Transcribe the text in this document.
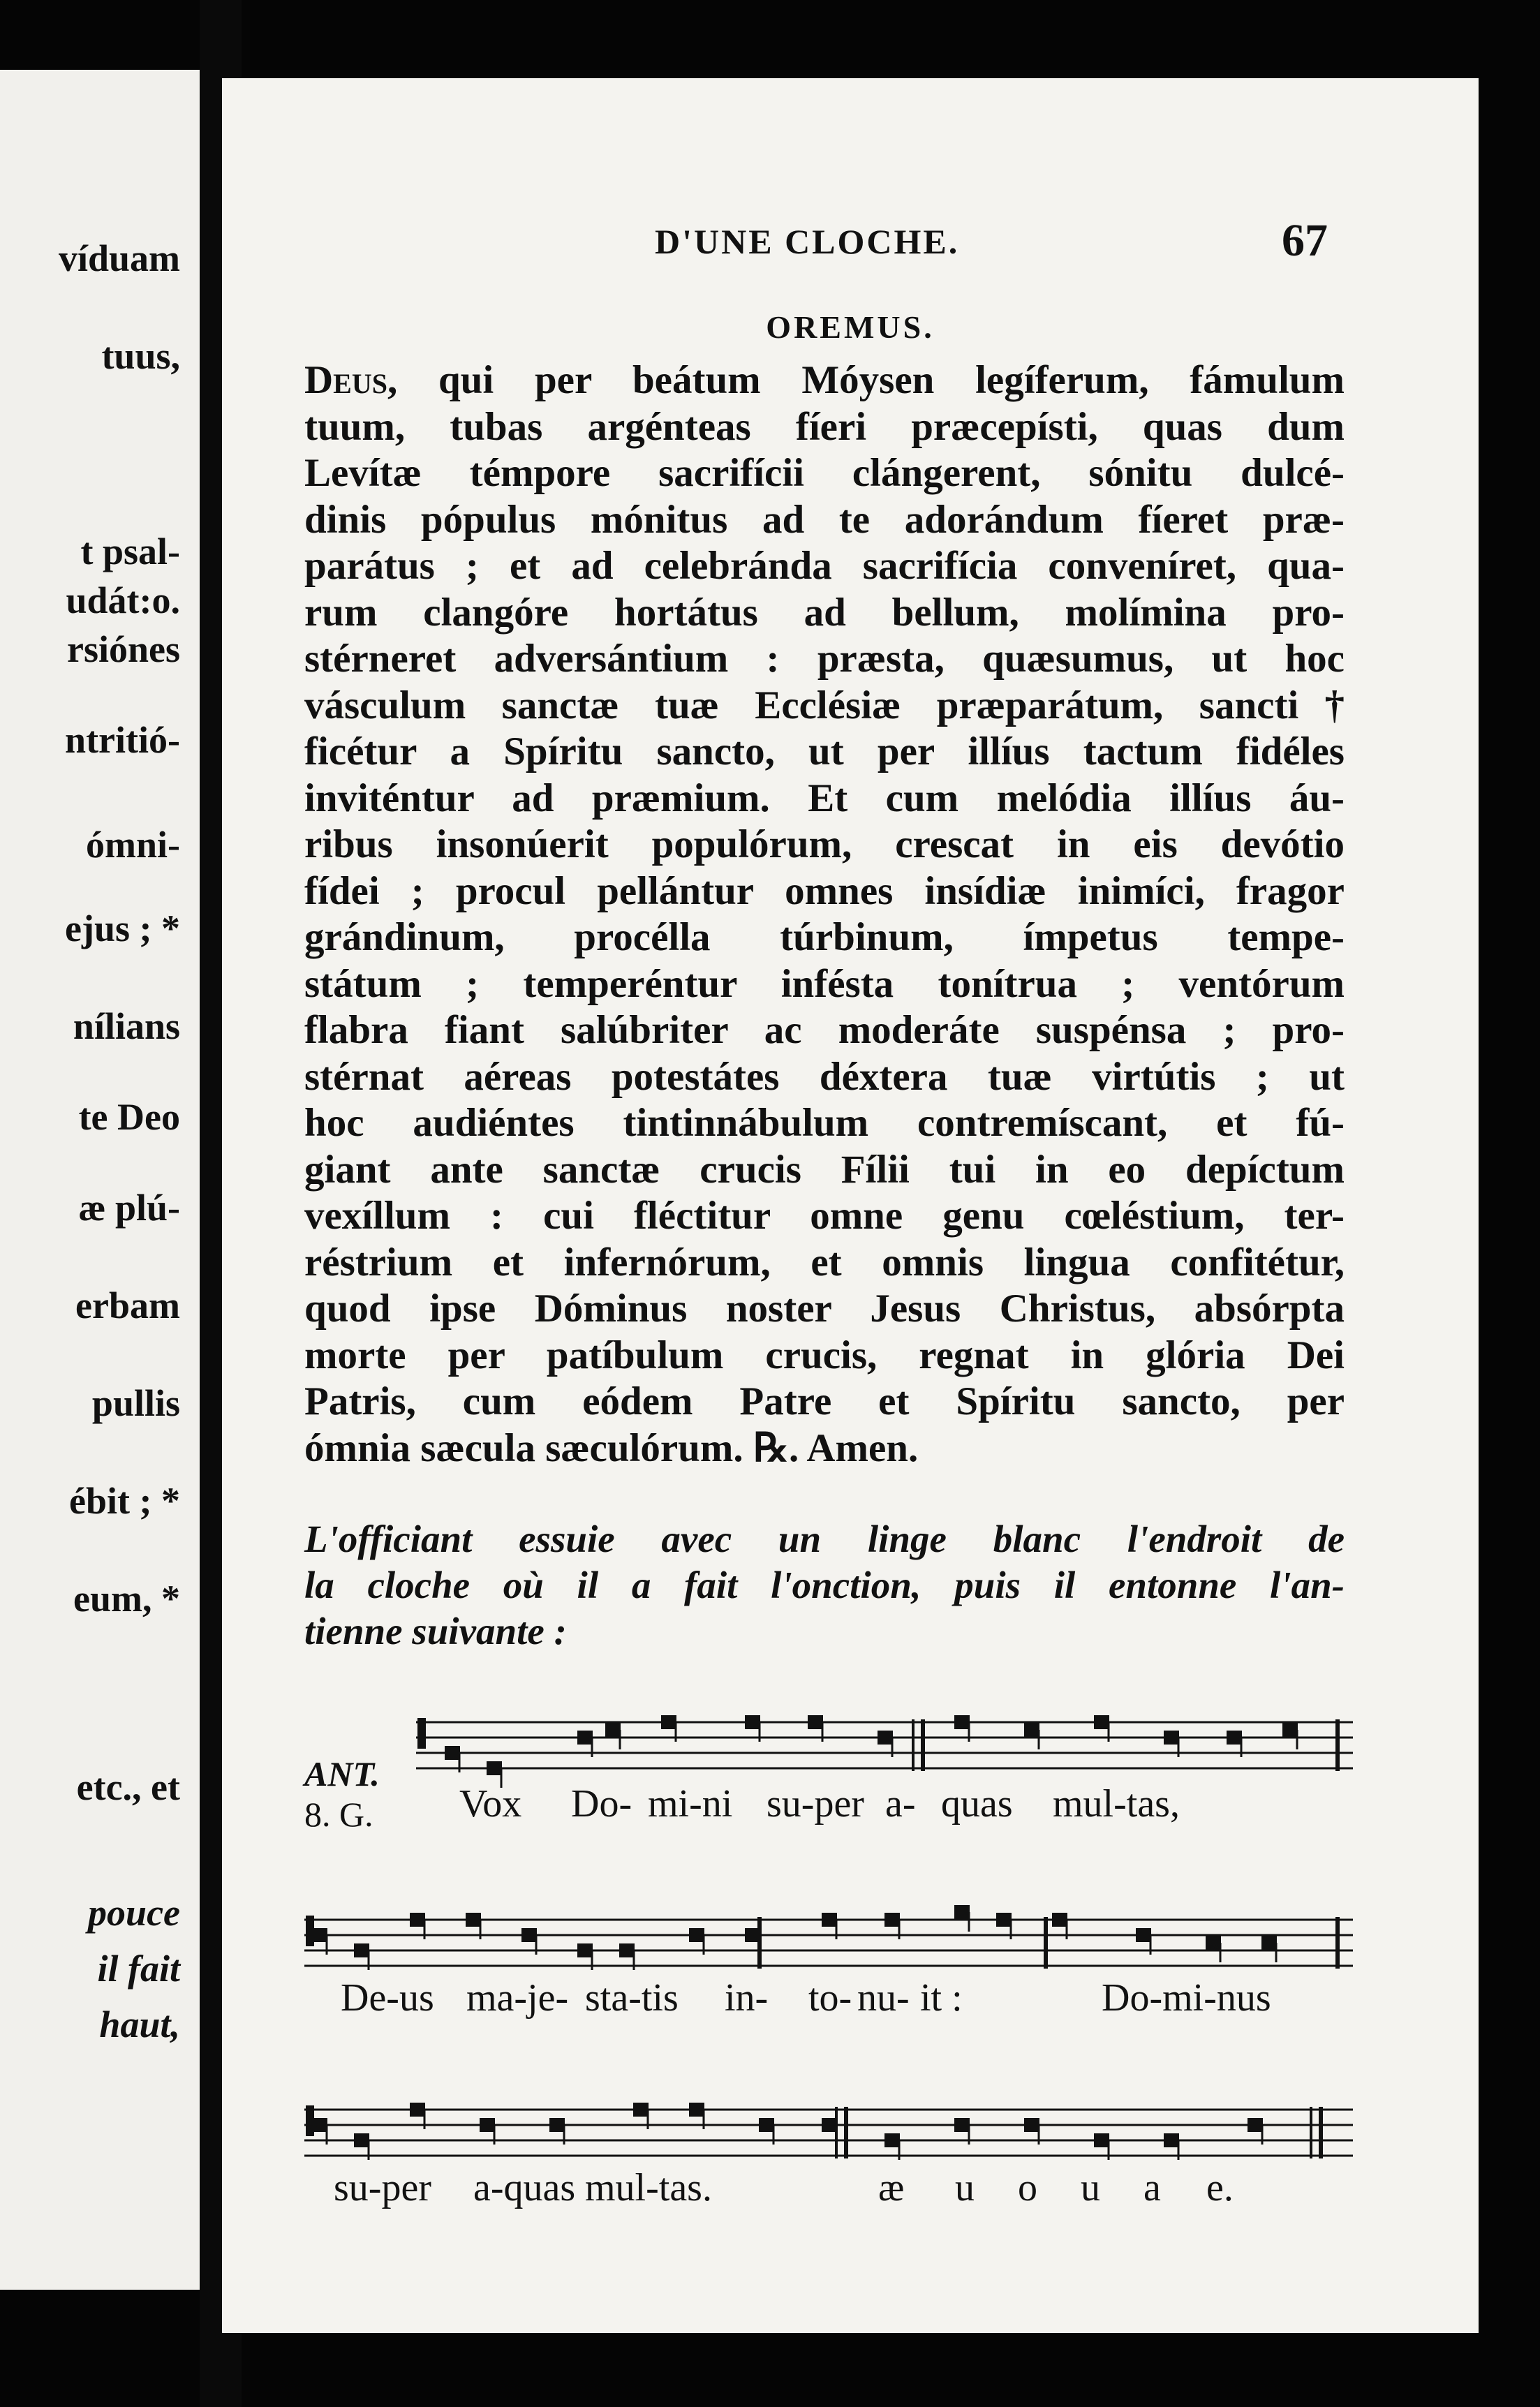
víduam
tuus,
t psal-
udát:o.
rsiónes
ntritió-
ómni-
ejus ; *
nílians
te Deo
æ plú-
erbam
pullis
ébit ; *
eum, *
etc., et
pouce
il fait
haut,
D'UNE CLOCHE.	67
OREMUS.
Deus, qui per beátum Móysen legíferum, fámulum
tuum, tubas argénteas fíeri præcepísti, quas dum
Levítæ témpore sacrifícii clángerent, sónitu dulcé-
dinis pópulus mónitus ad te adorándum fíeret præ-
parátus ; et ad celebránda sacrifícia conveníret, qua-
rum clangóre hortátus ad bellum, molímina pro-
stérneret adversántium : præsta, quæsumus, ut hoc
vásculum sanctæ tuæ Ecclésiæ præparátum, sancti†
ficétur a Spíritu sancto, ut per illíus tactum fidéles
inviténtur ad præmium. Et cum melódia illíus áu-
ribus insonúerit populórum, crescat in eis devótio
fídei ; procul pellántur omnes insídiæ inimíci, fragor
grándinum, procélla túrbinum, ímpetus tempe-
státum ; temperéntur infésta tonítrua ; ventórum
flabra fiant salúbriter ac moderáte suspénsa ; pro-
stérnat aéreas potestátes déxtera tuæ virtútis ; ut
hoc audiéntes tintinnábulum contremíscant, et fú-
giant ante sanctæ crucis Fílii tui in eo depíctum
vexíllum : cui fléctitur omne genu cœléstium, ter-
réstrium et infernórum, et omnis lingua confitétur,
quod ipse Dóminus noster Jesus Christus, absórpta
morte per patíbulum crucis, regnat in glória Dei
Patris, cum eódem Patre et Spíritu sancto, per
ómnia sæcula sæculórum. ℞. Amen.
L'officiant essuie avec un linge blanc l'endroit de
la cloche où il a fait l'onction, puis il entonne l'an-
tienne suivante :
ANT.
8. G. Vox Do- mi-ni su-per a- quas mul-tas,
De-us ma-je- sta-tis in- to- nu- it :	Do-mi-nus
su-per a-quas mul-tas.	æ u o u a e.
